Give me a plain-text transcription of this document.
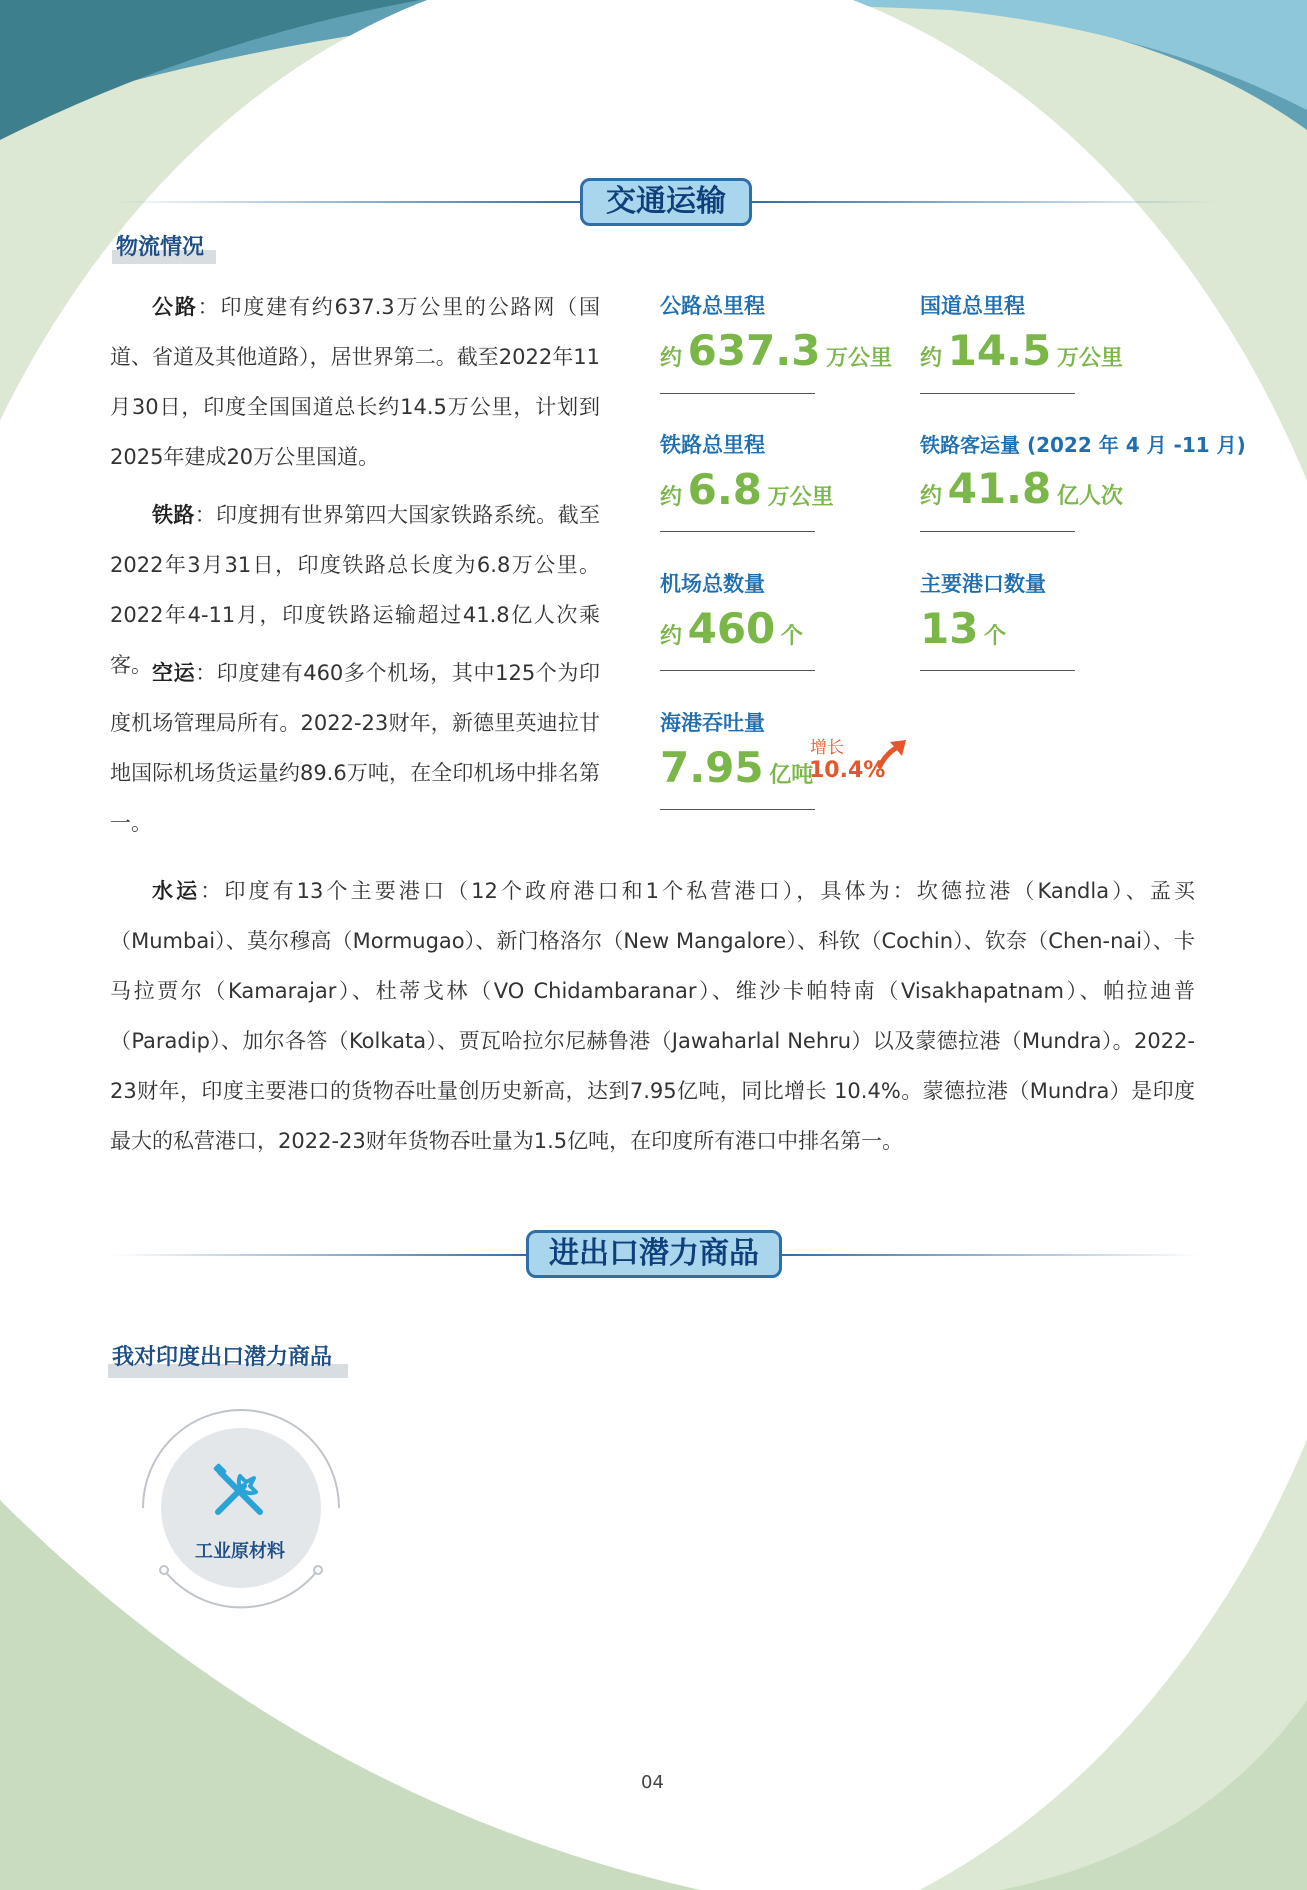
交通运输
物流情况
公路：印度建有约637.3万公里的公路网（国道、省道及其他道路），居世界第二。截至2022年11月30日，印度全国国道总长约14.5万公里，计划到2025年建成20万公里国道。
铁路：印度拥有世界第四大国家铁路系统。截至2022年3月31日，印度铁路总长度为6.8万公里。2022年4-11月，印度铁路运输超过41.8亿人次乘客。 空运：印度建有460多个机场，其中125个为印度机场管理局所有。2022-23财年，新德里英迪拉甘地国际机场货运量约89.6万吨，在全印机场中排名第一。
公路总里程
约 637.3 万公里
国道总里程
约 14.5 万公里
铁路总里程
约 6.8 万公里
铁路客运量 (2022 年 4 月 -11 月)
约 41.8 亿人次
机场总数量
约 460 个
主要港口数量
13 个
海港吞吐量
7.95 亿吨
增长
10.4%
水运：印度有13个主要港口（12个政府港口和1个私营港口），具体为：坎德拉港（Kandla）、孟买（Mumbai）、莫尔穆高（Mormugao）、新门格洛尔（New Mangalore）、科钦（Cochin）、钦奈（Chen-nai）、卡马拉贾尔（Kamarajar）、杜蒂戈林（VO Chidambaranar）、维沙卡帕特南（Visakhapatnam）、帕拉迪普（Paradip）、加尔各答（Kolkata）、贾瓦哈拉尔尼赫鲁港（Jawaharlal Nehru）以及蒙德拉港（Mundra）。2022-23财年，印度主要港口的货物吞吐量创历史新高，达到7.95亿吨，同比增长 10.4%。蒙德拉港（Mundra）是印度最大的私营港口，2022-23财年货物吞吐量为1.5亿吨，在印度所有港口中排名第一。
进出口潜力商品
我对印度出口潜力商品
工业原材料
04
